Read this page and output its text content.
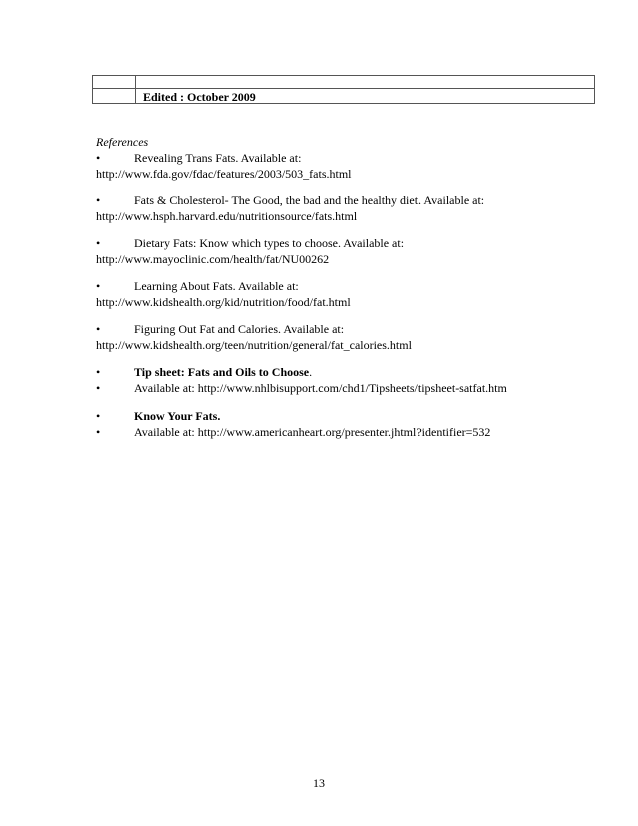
Edited : October 2009
References
•	Revealing Trans Fats. Available at:
http://www.fda.gov/fdac/features/2003/503_fats.html
•	Fats & Cholesterol- The Good, the bad and the healthy diet. Available at:
http://www.hsph.harvard.edu/nutritionsource/fats.html
•	Dietary Fats: Know which types to choose. Available at:
http://www.mayoclinic.com/health/fat/NU00262
•	Learning About Fats. Available at:
http://www.kidshealth.org/kid/nutrition/food/fat.html
•	Figuring Out Fat and Calories. Available at:
http://www.kidshealth.org/teen/nutrition/general/fat_calories.html
•	Tip sheet: Fats and Oils to Choose.
•	Available at: http://www.nhlbisupport.com/chd1/Tipsheets/tipsheet-satfat.htm
•	Know Your Fats.
•	Available at: http://www.americanheart.org/presenter.jhtml?identifier=532
13
